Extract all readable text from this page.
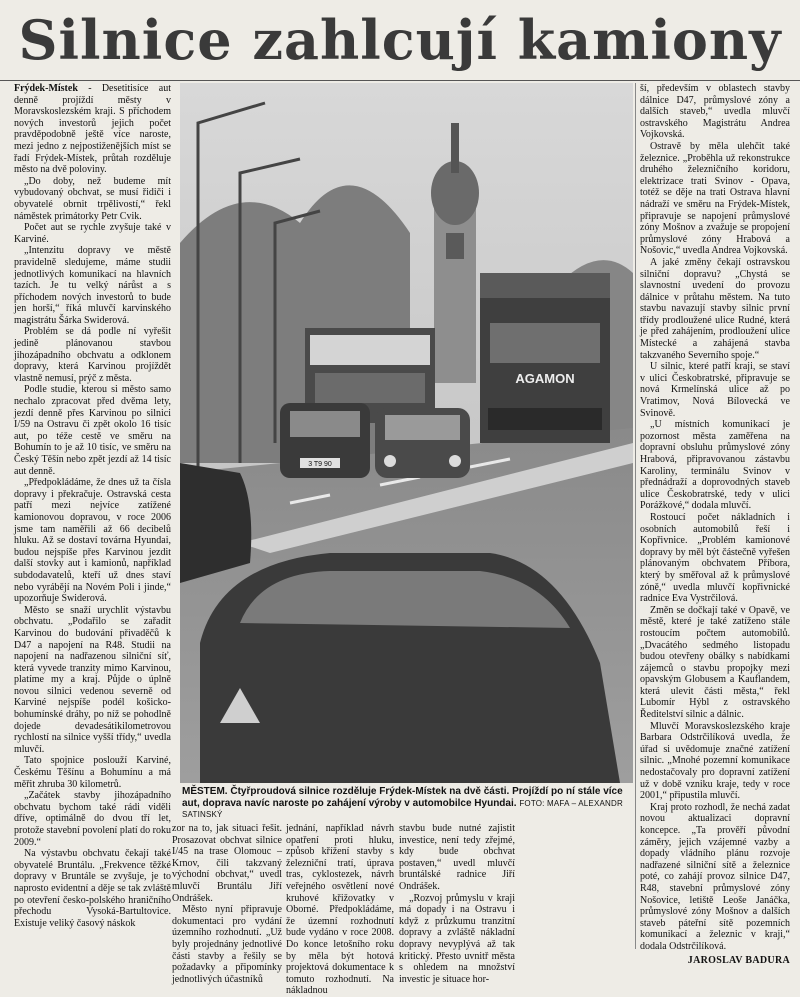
Silnice zahlcují kamiony

Frýdek-Místek - Desetitisíce aut denně projíždí městy v Moravskoslezském kraji. S příchodem nových investorů jejich počet pravděpodobně ještě více naroste, mezi jedno z nejpostiženějších míst se řadí Frýdek-Místek, průtah rozděluje město na dvě poloviny.

„Do doby, než budeme mít vybudovaný obchvat, se musí řidiči i obyvatelé obrnit trpělivostí,“ řekl náměstek primátorky Petr Cvik.

Počet aut se rychle zvyšuje také v Karviné.

„Intenzitu dopravy ve městě pravidelně sledujeme, máme studii jednotlivých komunikací na hlavních tazích. Je tu velký nárůst a s příchodem nových investorů to bude jen horší,“ říká mluvčí karvinského magistrátu Šárka Swiderová.

Problém se dá podle ní vyřešit jedině plánovanou stavbou jihozápadního obchvatu a odklonem dopravy, která Karvinou projíždět vlastně nemusí, prýč z města.

Podle studie, kterou si město samo nechalo zpracovat před dvěma lety, jezdí denně přes Karvinou po silnici I/59 na Ostravu či zpět okolo 16 tisíc aut, po téže cestě ve směru na Bohumín to je až 10 tisíc, ve směru na Český Těšín nebo zpět jezdí až 14 tisíc aut denně.

„Předpokládáme, že dnes už ta čísla dopravy i překračuje. Ostravská cesta patří mezi nejvíce zatížené kamionovou dopravou, v roce 2006 jsme tam naměřili až 66 decibelů hluku. Až se dostaví továrna Hyundai, budou nejspíše přes Karvinou jezdit další stovky aut i kamionů, například subdodavatelů, kteří už dnes staví nebo vyrábějí na Novém Poli i jinde,“ upozorňuje Swiderová.

Město se snaží urychlit výstavbu obchvatu. „Podařilo se zařadit Karvinou do budování přivaděčů k D47 a napojení na R48. Studii na napojení na nadřazenou silniční síť, která vyvede tranzity mimo Karvinou, platíme my a kraj. Půjde o úplně novou silnici vedenou severně od Karviné nejspíše podél košicko-bohumínské dráhy, po níž se pohodlně dojede devadesátikilometrovou rychlostí na silnice vyšší třídy,“ uvedla mluvčí.

Tato spojnice poslouží Karviné, Českému Těšínu a Bohumínu a má měřit zhruba 30 kilometrů.

„Začátek stavby jihozápadního obchvatu bychom také rádi viděli dříve, optimálně do dvou tří let, protože stavební povolení platí do roku 2009.“

Na výstavbu obchvatu čekají také obyvatelé Bruntálu. „Frekvence těžké dopravy v Bruntále se zvyšuje, je to naprosto evidentní a děje se tak zvláště po otevření česko-polského hraničního přechodu Vysoká-Bartultovice. Existuje veliký časový náskok

AGAMON
3 T9 90
MĚSTEM. Čtyřproudová silnice rozděluje Frýdek-Místek na dvě části. Projíždí po ní stále více aut, doprava navíc naroste po zahájení výroby v automobilce Hyundai. FOTO: MAFA – ALEXANDR SATINSKÝ

zor na to, jak situaci řešit. Prosazovat obchvat silnice I/45 na trase Olomouc – Krnov, čili takzvaný východní obchvat,“ uvedl mluvčí Bruntálu Jiří Ondrášek.

Město nyní připravuje dokumentaci pro vydání územního rozhodnutí. „Už byly projednány jednotlivé části stavby a řešily se požadavky a připomínky jednotlivých účastníků

jednání, například návrh opatření proti hluku, způsob křížení stavby s železniční tratí, úprava tras, cyklostezek, návrh veřejného osvětlení nové kruhové křižovatky v Oborné. Předpokládáme, že územní rozhodnutí bude vydáno v roce 2008. Do konce letošního roku by měla být hotová projektová dokumentace k tomuto rozhodnutí. Na nákladnou

stavbu bude nutné zajistit investice, není tedy zřejmé, kdy bude obchvat postaven,“ uvedl mluvčí bruntálské radnice Jiří Ondrášek.

„Rozvoj průmyslu v kraji má dopady i na Ostravu i když z průzkumu tranzitní dopravy a zvláště nákladní dopravy nevyplývá až tak kritický. Přesto uvnitř města s ohledem na množství investic je situace hor-

ší, především v oblastech stavby dálnice D47, průmyslové zóny a dalších staveb,“ uvedla mluvčí ostravského Magistrátu Andrea Vojkovská.

Ostravě by měla ulehčit také železnice. „Proběhla už rekonstrukce druhého železničního koridoru, elektrizace trati Svinov - Opava, totéž se děje na trati Ostrava hlavní nádraží ve směru na Frýdek-Místek, připravuje se napojení průmyslové zóny Mošnov a zvažuje se propojení průmyslové zóny Hrabová a Nošovic,“ uvedla Andrea Vojkovská.

A jaké změny čekají ostravskou silniční dopravu? „Chystá se slavnostní uvedení do provozu dálnice v průtahu městem. Na tuto stavbu navazují stavby silnic první třídy prodloužené ulice Rudné, která je před zahájením, prodloužení ulice Místecké a zahájená stavba takzvaného Severního spoje.“

U silnic, které patří kraji, se staví v ulici Českobratrské, připravuje se nová Krmelínská ulice až po Vratimov, Nová Bílovecká ve Svinově.

„U místních komunikací je pozornost města zaměřena na dopravní obsluhu průmyslové zóny Hrabová, připravovanou zástavbu Karoliny, terminálu Svinov v přednádraží a doprovodných staveb ulice Českobratrské, tedy v ulici Porážkové,“ dodala mluvčí.

Rostoucí počet nákladních i osobních automobilů řeší i Kopřivnice. „Problém kamionové dopravy by měl být částečně vyřešen plánovaným obchvatem Příbora, který by směřoval až k průmyslové zóně,“ uvedla mluvčí kopřivnické radnice Eva Vystrčilová.

Změn se dočkají také v Opavě, ve městě, které je také zatíženo stále rostoucím počtem automobilů. „Dvacátého sedmého listopadu budou otevřeny obálky s nabídkami zájemců o stavbu propojky mezi opavským Globusem a Kauflandem, která ulevit části města,“ řekl Lubomír Hýbl z ostravského Ředitelství silnic a dálnic.

Mluvčí Moravskoslezského kraje Barbara Odstrčilíková uvedla, že úřad si uvědomuje značné zatížení silnic. „Mnohé pozemní komunikace nedostačovaly pro dopravní zatížení už v době vzniku kraje, tedy v roce 2001,“ připustila mluvčí.

Kraj proto rozhodl, že nechá zadat novou aktualizaci dopravní koncepce. „Ta prověří původní záměry, jejich vzájemné vazby a dopady vládního plánu rozvoje nadřazené silniční sítě a železnice poté, co zahájí provoz silnice D47, R48, stavební průmyslové zóny Nošovice, letiště Leoše Janáčka, průmyslové zóny Mošnov a dalších staveb páteřní sítě pozemních komunikací a železnic v kraji,“ dodala Odstrčilíková.

JAROSLAV BADURA
